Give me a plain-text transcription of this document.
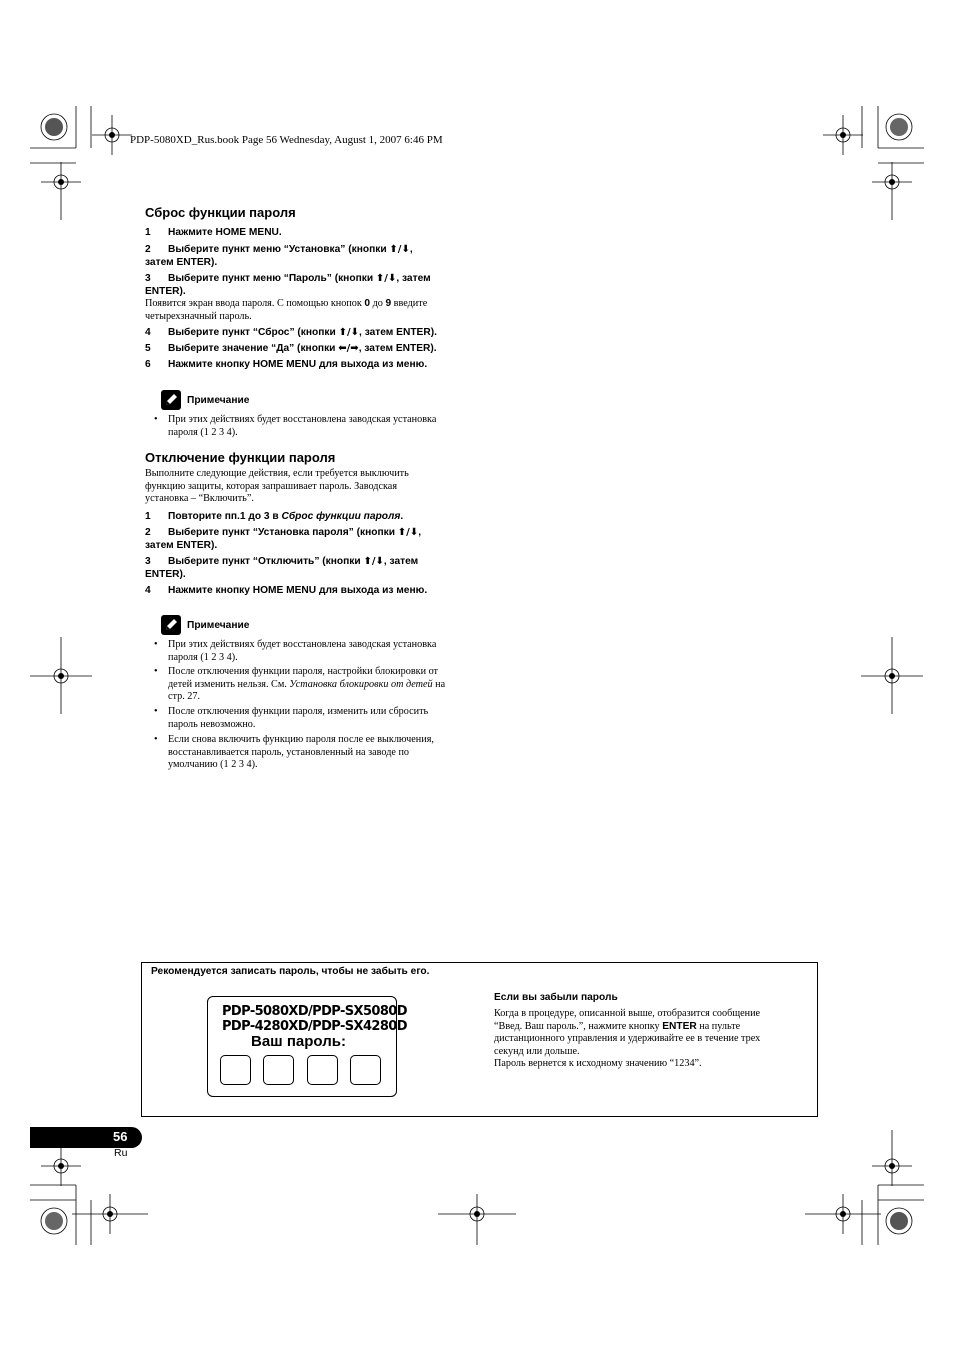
PDP-5080XD_Rus.book Page 56 Wednesday, August 1, 2007 6:46 PM
Сброс функции пароля
1 Нажмите HOME MENU.
2 Выберите пункт меню “Установка” (кнопки ⬆/⬇,
затем ENTER).
3 Выберите пункт меню “Пароль” (кнопки ⬆/⬇, затем
ENTER).
Появится экран ввода пароля. С помощью кнопок 0 до 9 введите
четырехзначный пароль.
4 Выберите пункт “Сброс” (кнопки ⬆/⬇, затем ENTER).
5 Выберите значение “Да” (кнопки ⬅/➡, затем ENTER).
6 Нажмите кнопку HOME MENU для выхода из меню.
Примечание
• При этих действиях будет восстановлена заводская установка
пароля (1 2 3 4).
Отключение функции пароля
Выполните следующие действия, если требуется выключить
функцию защиты, которая запрашивает пароль. Заводская
установка – “Включить”.
1 Повторите пп.1 до 3 в Сброс функции пароля.
2 Выберите пункт “Установка пароля” (кнопки ⬆/⬇,
затем ENTER).
3 Выберите пункт “Отключить” (кнопки ⬆/⬇, затем
ENTER).
4 Нажмите кнопку HOME MENU для выхода из меню.
Примечание
• При этих действиях будет восстановлена заводская установка
пароля (1 2 3 4).
• После отключения функции пароля, настройки блокировки от
детей изменить нельзя. См. Установка блокировки от детей на
стр. 27.
• После отключения функции пароля, изменить или сбросить
пароль невозможно.
• Если снова включить функцию пароля после ее выключения,
восстанавливается пароль, установленный на заводе по
умолчанию (1 2 3 4).
Рекомендуется записать пароль, чтобы не забыть его.
PDP-5080XD/PDP-SX5080D
PDP-4280XD/PDP-SX4280D
Ваш пароль:
Если вы забыли пароль
Когда в процедуре, описанной выше, отобразится сообщение
“Введ. Ваш пароль.”, нажмите кнопку ENTER на пульте
дистанционного управления и удерживайте ее в течение трех
секунд или дольше.
Пароль вернется к исходному значению “1234”.
56
Ru
